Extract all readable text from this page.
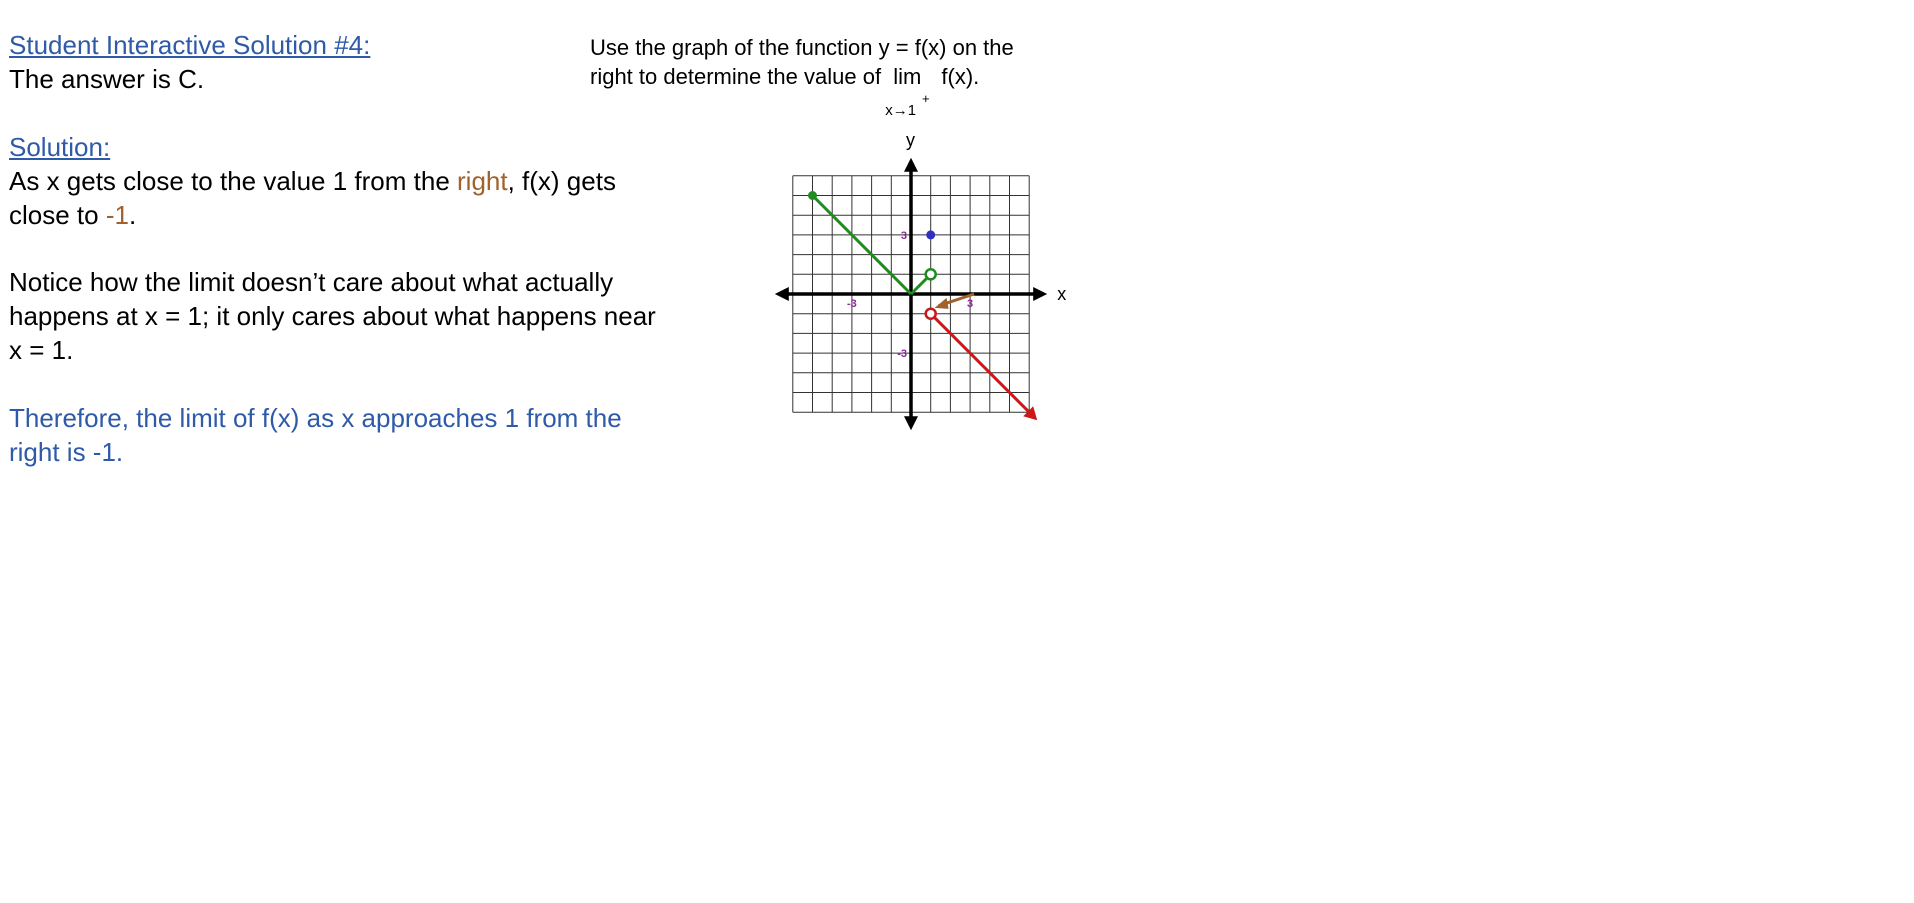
Student Interactive Solution #4:
The answer is C.
Solution:
As x gets close to the value 1 from the right, f(x) gets
close to -1.
Notice how the limit doesn’t care about what actually
happens at x = 1; it only cares about what happens near
x = 1.
Therefore, the limit of f(x) as x approaches 1 from the
right is -1.
Use the graph of the function y = f(x) on the
right to determine the value of lim
x→1+
f(x).
x
y
-3	3
3
-3
